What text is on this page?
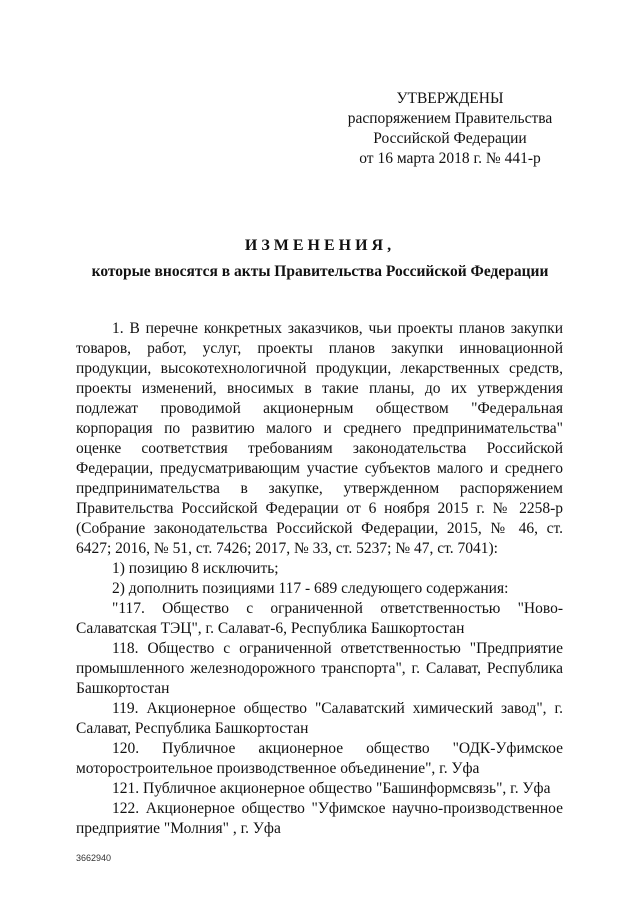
УТВЕРЖДЕНЫ
распоряжением Правительства
Российской Федерации
от 16 марта 2018 г. № 441-р
ИЗМЕНЕНИЯ,
которые вносятся в акты Правительства Российской Федерации

1. В перечне конкретных заказчиков, чьи проекты планов закупки товаров, работ, услуг, проекты планов закупки инновационной продукции, высокотехнологичной продукции, лекарственных средств, проекты изменений, вносимых в такие планы, до их утверждения подлежат проводимой акционерным обществом "Федеральная корпорация по развитию малого и среднего предпринимательства" оценке соответствия требованиям законодательства Российской Федерации, предусматривающим участие субъектов малого и среднего предпринимательства в закупке, утвержденном распоряжением Правительства Российской Федерации от 6 ноября 2015 г. № 2258-р (Собрание законодательства Российской Федерации, 2015, № 46, ст. 6427; 2016, № 51, ст. 7426; 2017, № 33, ст. 5237; № 47, ст. 7041):

1) позицию 8 исключить;

2) дополнить позициями 117 - 689 следующего содержания:

"117. Общество с ограниченной ответственностью "Ново-Салаватская ТЭЦ", г. Салават-6, Республика Башкортостан

118. Общество с ограниченной ответственностью "Предприятие промышленного железнодорожного транспорта", г. Салават, Республика Башкортостан

119. Акционерное общество "Салаватский химический завод", г. Салават, Республика Башкортостан

120. Публичное акционерное общество "ОДК-Уфимское моторостроительное производственное объединение", г. Уфа

121. Публичное акционерное общество "Башинформсвязь", г. Уфа

122. Акционерное общество "Уфимское научно-производственное предприятие "Молния" , г. Уфа

3662940
